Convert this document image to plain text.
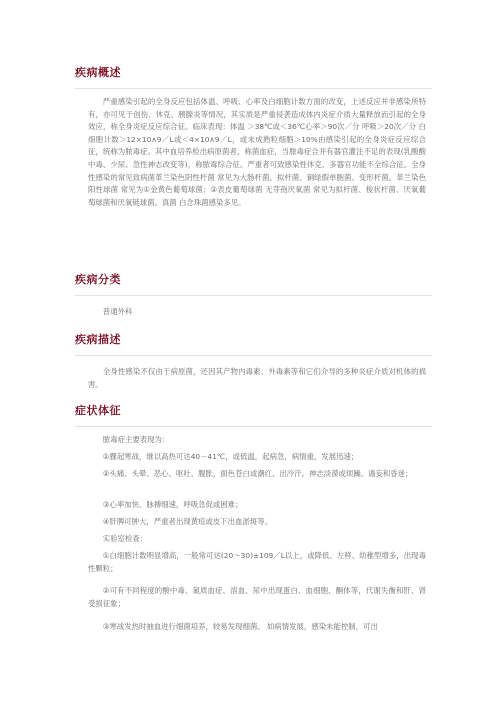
疾病概述

严重感染引起的全身反应包括体温、呼吸、心率及白细胞计数方面的改变，上述反应并非感染所特有，亦可见于创伤、休克、胰腺炎等情况，其实质是严重侵袭造成体内炎症介质大量释放而引起的全身效应，称全身炎症反应综合征。临床表现：体温 ＞38℃或＜36℃心率＞90次／分 呼吸＞20次／分 白细胞计数＞12×10∧9／L或＜4×10∧9／L，或未成熟粒细胞＞10%由感染引起的全身炎症反应综合征，统称为脓毒症。其中血培养检出病原菌者，称菌血症，当脓毒症合并有器官灌注不足的表现(乳酸酸中毒、少尿、急性神志改变等)，称脓毒综合征。严重者可致感染性休克、多器官功能不全综合征。全身性感染的常见致病菌革兰染色阴性杆菌 常见为大肠杆菌、拟杆菌、铜绿假单胞菌、变形杆菌。革兰染色阳性球菌 常见为①金黄色葡萄球菌；②表皮葡萄球菌 无芽孢厌氧菌 常见为拟杆菌、梭状杆菌、厌氧葡萄球菌和厌氧链球菌。真菌 白念珠菌感染多见。

疾病分类

普通外科

疾病描述

全身性感染不仅由于病原菌，还因其产物内毒素、外毒素等和它们介导的多种炎症介质对机体的损害。

症状体征

脓毒症主要表现为：

①骤起寒战，继以高热可达40－41℃，或低温，起病急，病情重，发展迅速；

②头痛、头晕、恶心、呕吐、腹胀，面色苍白或潮红、出冷汗。神志淡漠或烦躁、谵妄和昏迷；

③心率加快、脉搏细速，呼吸急促或困难；

④肝脾可肿大，严重者出现黄疸或皮下出血淤斑等。

实验室检查：

①白细胞计数明显增高，一般常可达(20～30)±109／L以上，或降低、左移、幼稚型增多，出现毒性颗粒；

②可有不同程度的酸中毒、氮质血症、溶血、尿中出现蛋白、血细胞、酮体等，代谢失衡和肝、肾受损征象；

③寒战发热时抽血进行细菌培养，较易发现细菌。 如病情发展，感染未能控制，可出
